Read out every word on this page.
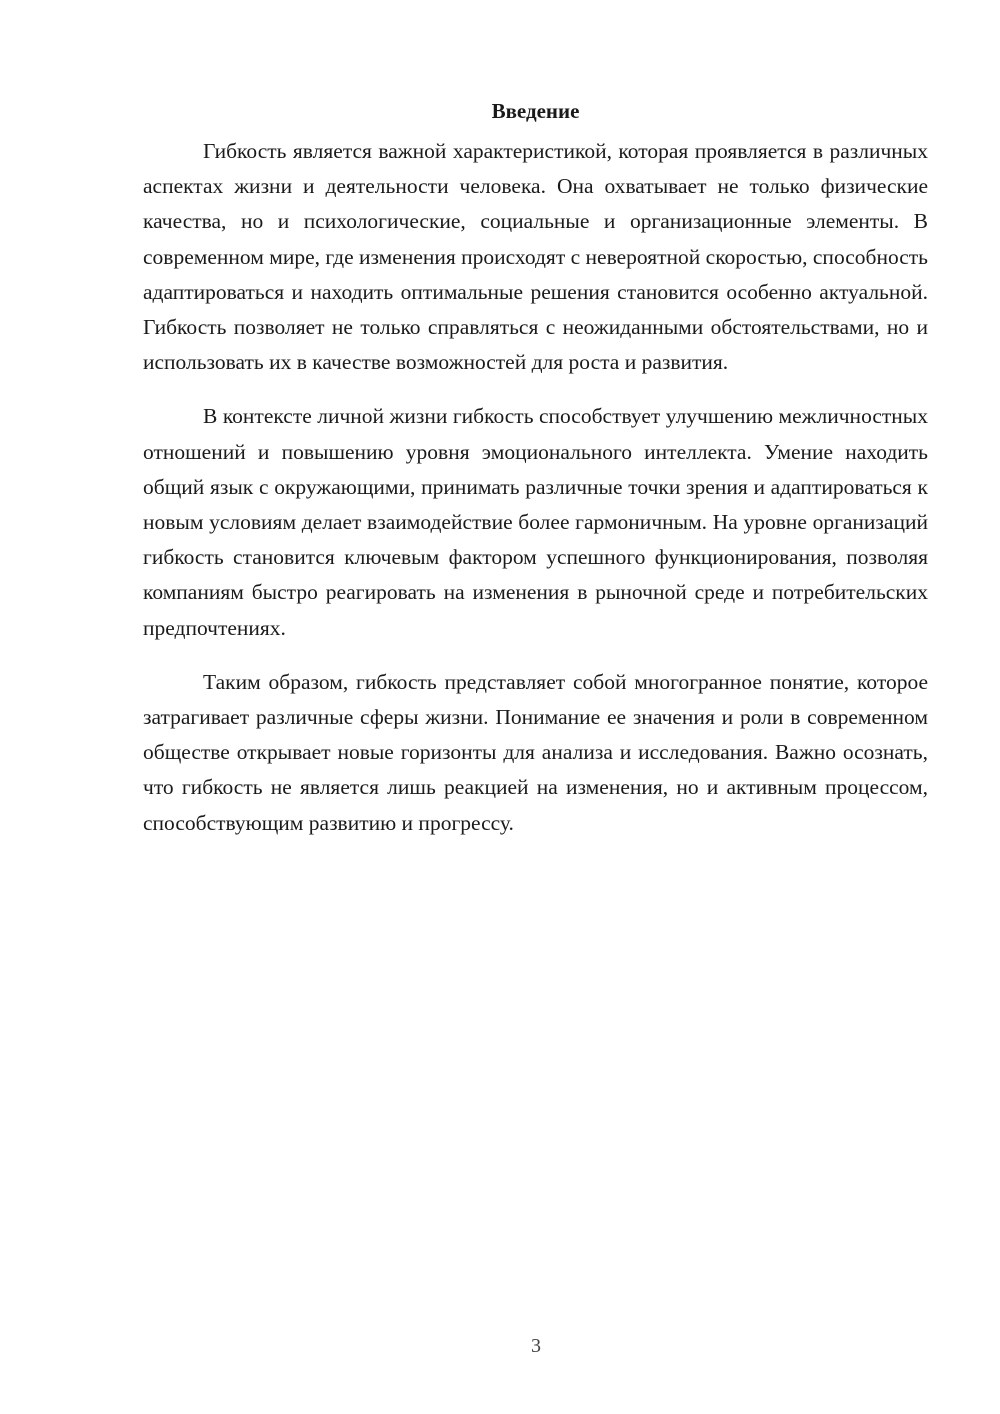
Введение

Гибкость является важной характеристикой, которая проявляется в различных аспектах жизни и деятельности человека. Она охватывает не только физические качества, но и психологические, социальные и организационные элементы. В современном мире, где изменения происходят с невероятной скоростью, способность адаптироваться и находить оптимальные решения становится особенно актуальной. Гибкость позволяет не только справляться с неожиданными обстоятельствами, но и использовать их в качестве возможностей для роста и развития.

В контексте личной жизни гибкость способствует улучшению межличностных отношений и повышению уровня эмоционального интеллекта. Умение находить общий язык с окружающими, принимать различные точки зрения и адаптироваться к новым условиям делает взаимодействие более гармоничным. На уровне организаций гибкость становится ключевым фактором успешного функционирования, позволяя компаниям быстро реагировать на изменения в рыночной среде и потребительских предпочтениях.

Таким образом, гибкость представляет собой многогранное понятие, которое затрагивает различные сферы жизни. Понимание ее значения и роли в современном обществе открывает новые горизонты для анализа и исследования. Важно осознать, что гибкость не является лишь реакцией на изменения, но и активным процессом, способствующим развитию и прогрессу.

3
